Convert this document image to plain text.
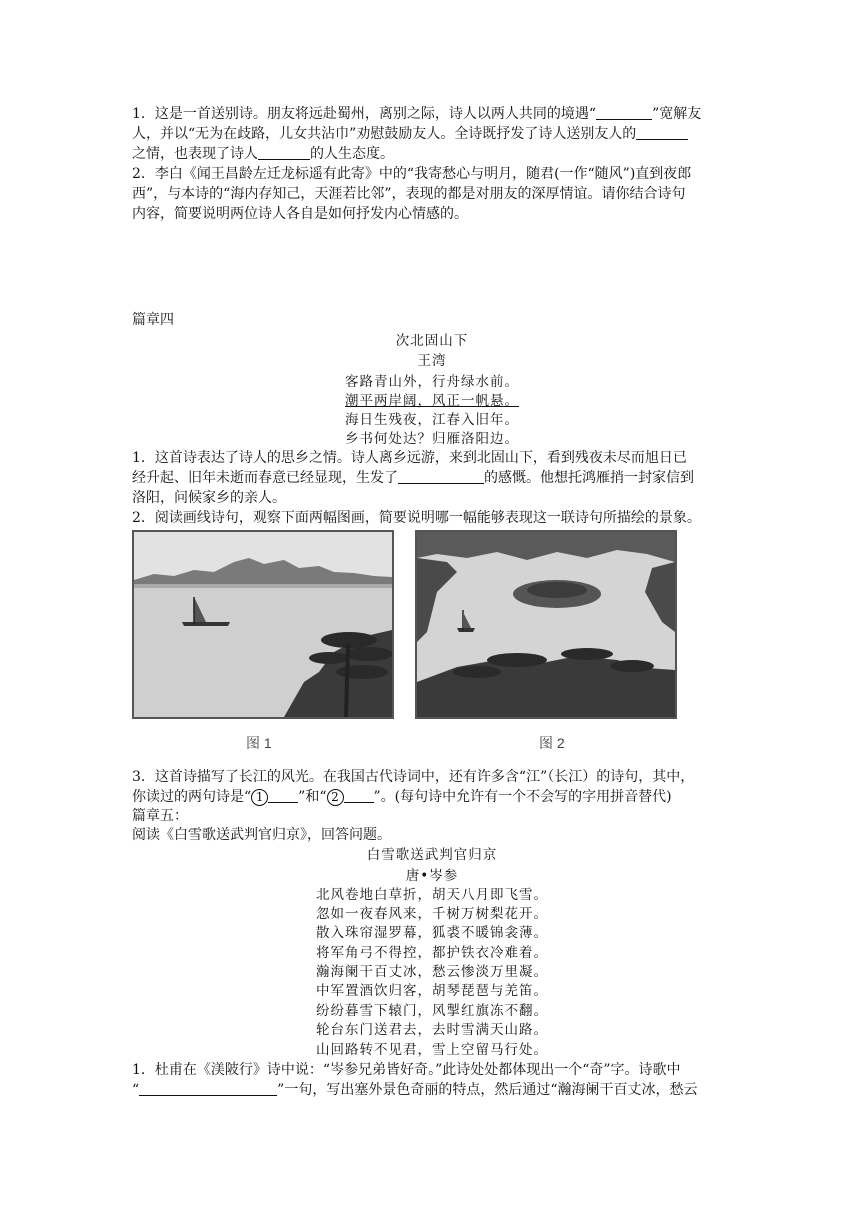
1．这是一首送别诗。朋友将远赴蜀州，离别之际，诗人以两人共同的境遇“	”宽解友
人，并以“无为在歧路，儿女共沾巾”劝慰鼓励友人。全诗既抒发了诗人送别友人的
之情，也表现了诗人	的人生态度。
2．李白《闻王昌龄左迁龙标遥有此寄》中的“我寄愁心与明月，随君(一作“随风”)直到夜郎
西”，与本诗的“海内存知己，天涯若比邻”，表现的都是对朋友的深厚情谊。请你结合诗句
内容，简要说明两位诗人各自是如何抒发内心情感的。
篇章四
次北固山下
王湾
客路青山外，行舟绿水前。
潮平两岸阔，风正一帆悬。
海日生残夜，江春入旧年。
乡书何处达？归雁洛阳边。
1．这首诗表达了诗人的思乡之情。诗人离乡远游，来到北固山下，看到残夜未尽而旭日已
经升起、旧年未逝而春意已经显现，生发了	的感慨。他想托鸿雁捎一封家信到
洛阳，问候家乡的亲人。
2．阅读画线诗句，观察下面两幅图画，简要说明哪一幅能够表现这一联诗句所描绘的景象。
图 1	图 2
3．这首诗描写了长江的风光。在我国古代诗词中，还有许多含“江”（长江）的诗句，其中，
你读过的两句诗是“ 1 ”和“ 2 ”。(每句诗中允许有一个不会写的字用拼音替代)
篇章五：
阅读《白雪歌送武判官归京》，回答问题。
白雪歌送武判官归京
唐•岑参
北风卷地白草折，胡天八月即飞雪。
忽如一夜春风来，千树万树梨花开。
散入珠帘湿罗幕，狐裘不暖锦衾薄。
将军角弓不得控，都护铁衣冷难着。
瀚海阑干百丈冰，愁云惨淡万里凝。
中军置酒饮归客，胡琴琵琶与羌笛。
纷纷暮雪下辕门，风掣红旗冻不翻。
轮台东门送君去，去时雪满天山路。
山回路转不见君，雪上空留马行处。
1．杜甫在《渼陂行》诗中说：“岑参兄弟皆好奇。”此诗处处都体现出一个“奇”字。诗歌中
“	”一句，写出塞外景色奇丽的特点，然后通过“瀚海阑干百丈冰，愁云
